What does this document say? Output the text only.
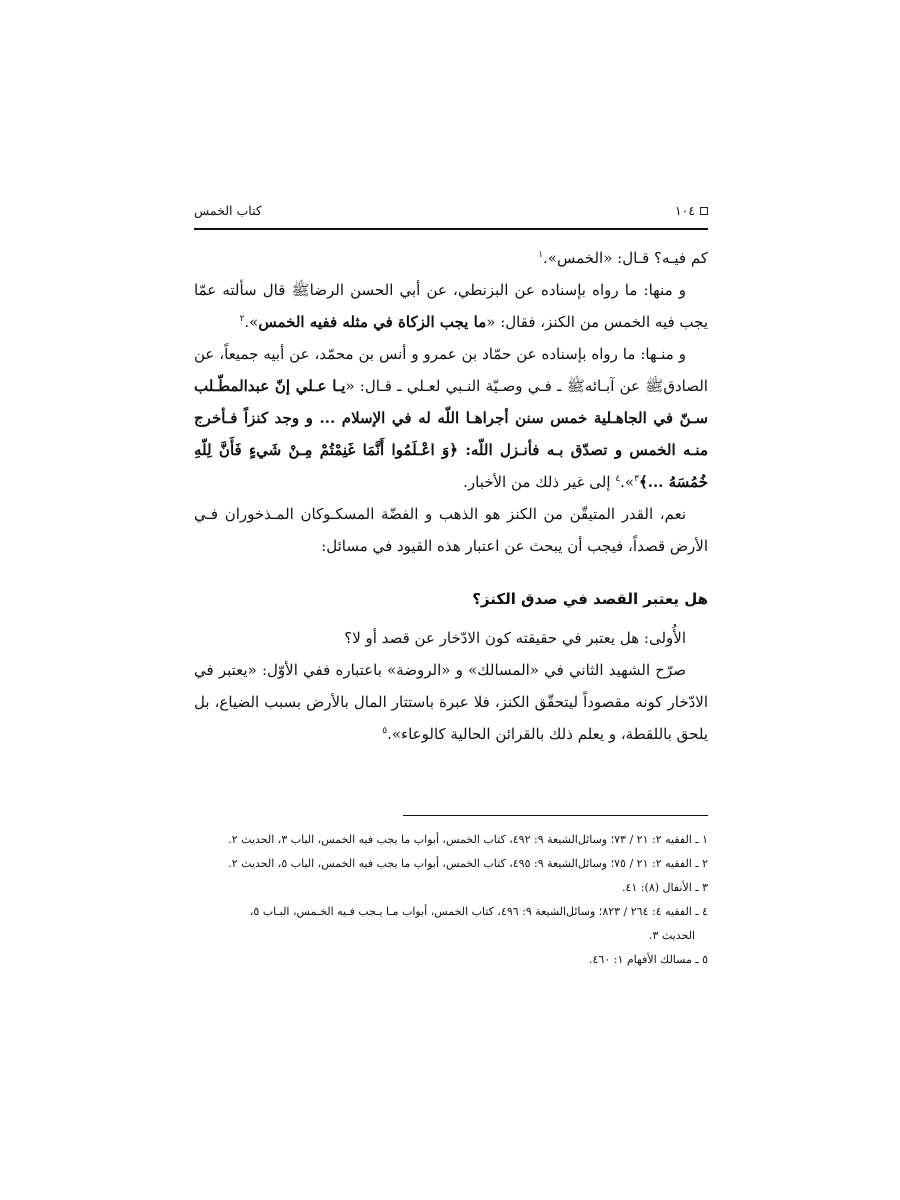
١٠٤
كتاب الخمس

كم فيـه؟ قـال: «الخمس».$^١$

و منها: ما رواه بإسناده عن البزنطي، عن أبي الحسن الرضاﷺ قال سألته عمّا يجب فيه الخمس من الكنز، فقال: «ما يجب الزكاة في مثله ففيه الخمس».$^٢$

و منـها: ما رواه بإسناده عن حمّاد بن عمرو و أنس بن محمّد، عن أبيه جميعاً، عن الصادقﷺ عن آبـائهﷺ ـ فـي وصـيّة النـبي لعـلي ـ قـال: «يـا عـلي إنّ عبدالمطّـلب سـنّ في الجاهـلية خمس سنن أجراهـا اللّه له في الإسلام ... و وجد كنزاً فـأخرج منـه الخمس و تصدّق بـه فأنـزل اللّه: ﴿وَ اعْـلَمُوا أَنَّمَا غَنِمْتُمْ مِـنْ شَيءٍ فَأَنَّ لِلّهِ خُمُسَهُ ...﴾$^٣$».$^٤$ إلى غير ذلك من الأخبار.

نعم، القدر المتيقّن من الكنز هو الذهب و الفضّة المسكـوكان المـذخوران فـي الأرض قصداً، فيجب أن يبحث عن اعتبار هذه القيود في مسائل:

هل يعتبر القصد في صدق الكنز؟

الأُولى: هل يعتبر في حقيقته كون الادّخار عن قصد أو لا؟

صرّح الشهيد الثاني في «المسالك» و «الروضة» باعتباره ففي الأوّل: «يعتبر في الادّخار كونه مقصوداً ليتحقّق الكنز، فلا عبرة باستتار المال بالأرض بسبب الضياع، بل يلحق باللقطة، و يعلم ذلك بالقرائن الحالية كالوعاء».$^٥$

١ ـ الفقيه ٢: ٢١ / ٧٣؛ وسائل‌الشيعة ٩: ٤٩٢، كتاب الخمس، أبواب ما يجب فيه الخمس، الباب ٣، الحديث ٢.

٢ ـ الفقيه ٢: ٢١ / ٧٥؛ وسائل‌الشيعة ٩: ٤٩٥، كتاب الخمس، أبواب ما يجب فيه الخمس، الباب ٥، الحديث ٢.

٣ ـ الأنفال (٨): ٤١.

٤ ـ الفقيه ٤: ٢٦٤ / ٨٢٣؛ وسائل‌الشيعة ٩: ٤٩٦، كتاب الخمس، أبواب مـا يـجب فـيه الخـمس، البـاب ٥،

الحديث ٣.

٥ ـ مسالك الأفهام ١: ٤٦٠.
